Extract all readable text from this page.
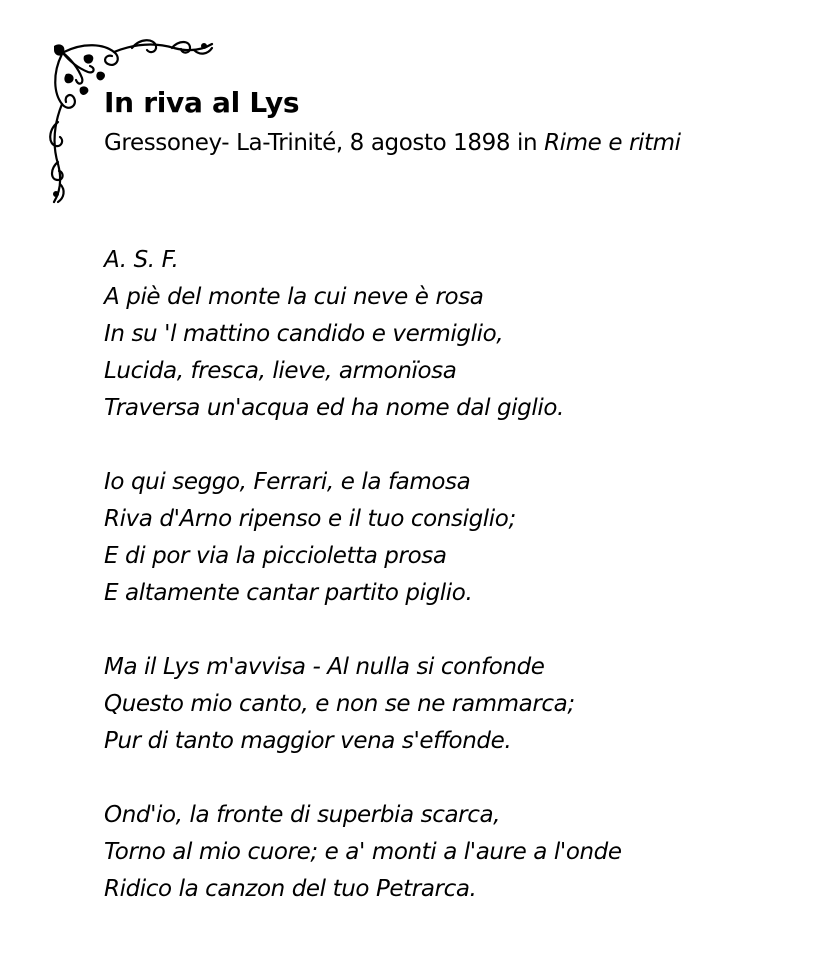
In riva al Lys

Gressoney- La-Trinité, 8 agosto 1898 in Rime e ritmi

A. S. F.
A piè del monte la cui neve è rosa
In su 'l mattino candido e vermiglio,
Lucida, fresca, lieve, armonïosa
Traversa un'acqua ed ha nome dal giglio.
Io qui seggo, Ferrari, e la famosa
Riva d'Arno ripenso e il tuo consiglio;
E di por via la piccioletta prosa
E altamente cantar partito piglio.
Ma il Lys m'avvisa - Al nulla si confonde
Questo mio canto, e non se ne rammarca;
Pur di tanto maggior vena s'effonde.
Ond'io, la fronte di superbia scarca,
Torno al mio cuore; e a' monti a l'aure a l'onde
Ridico la canzon del tuo Petrarca.
